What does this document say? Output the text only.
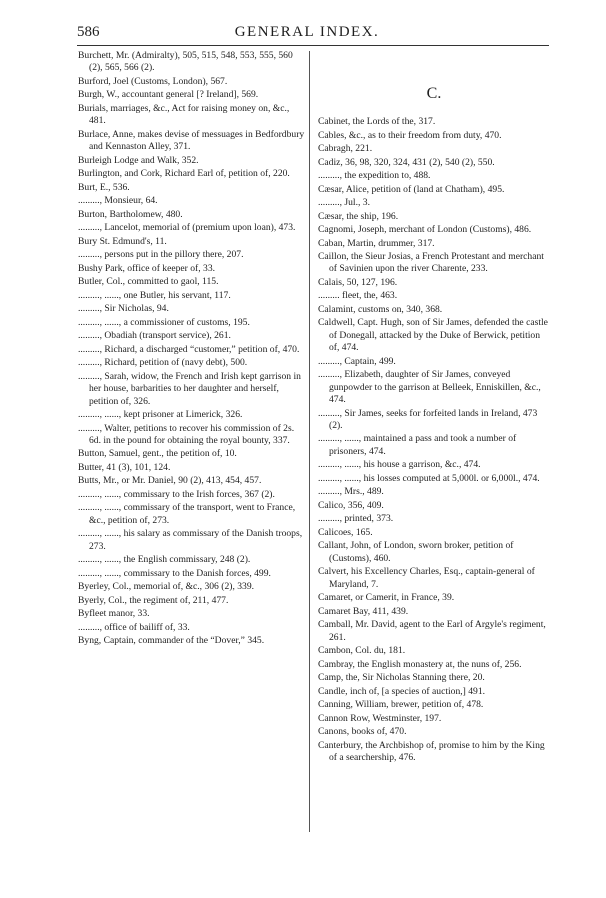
586	GENERAL INDEX.

Burchett, Mr. (Admiralty), 505, 515, 548, 553, 555, 560 (2), 565, 566 (2).

Burford, Joel (Customs, London), 567.

Burgh, W., accountant general [? Ireland], 569.

Burials, marriages, &c., Act for raising money on, &c., 481.

Burlace, Anne, makes devise of messuages in Bedfordbury and Kennaston Alley, 371.

Burleigh Lodge and Walk, 352.

Burlington, and Cork, Richard Earl of, petition of, 220.

Burt, E., 536.

........., Monsieur, 64.

Burton, Bartholomew, 480.

........., Lancelot, memorial of (premium upon loan), 473.

Bury St. Edmund's, 11.

........., persons put in the pillory there, 207.

Bushy Park, office of keeper of, 33.

Butler, Col., committed to gaol, 115.

........., ......, one Butler, his servant, 117.

........., Sir Nicholas, 94.

........., ......, a commissioner of customs, 195.

........., Obadiah (transport service), 261.

........., Richard, a discharged “customer,” petition of, 470.

........., Richard, petition of (navy debt), 500.

........., Sarah, widow, the French and Irish kept garrison in her house, barbarities to her daughter and herself, petition of, 326.

........., ......, kept prisoner at Limerick, 326.

........., Walter, petitions to recover his commission of 2s. 6d. in the pound for obtaining the royal bounty, 337.

Button, Samuel, gent., the petition of, 10.

Butter, 41 (3), 101, 124.

Butts, Mr., or Mr. Daniel, 90 (2), 413, 454, 457.

........., ......, commissary to the Irish forces, 367 (2).

........., ......, commissary of the transport, went to France, &c., petition of, 273.

........., ......, his salary as commissary of the Danish troops, 273.

........., ......, the English commissary, 248 (2).

........., ......, commissary to the Danish forces, 499.

Byerley, Col., memorial of, &c., 306 (2), 339.

Byerly, Col., the regiment of, 211, 477.

Byfleet manor, 33.

........., office of bailiff of, 33.

Byng, Captain, commander of the “Dover,” 345.

C.

Cabinet, the Lords of the, 317.

Cables, &c., as to their freedom from duty, 470.

Cabragh, 221.

Cadiz, 36, 98, 320, 324, 431 (2), 540 (2), 550.

........., the expedition to, 488.

Cæsar, Alice, petition of (land at Chatham), 495.

........., Jul., 3.

Cæsar, the ship, 196.

Cagnomi, Joseph, merchant of London (Customs), 486.

Caban, Martin, drummer, 317.

Caillon, the Sieur Josias, a French Protestant and merchant of Savinien upon the river Charente, 233.

Calais, 50, 127, 196.

......... fleet, the, 463.

Calamint, customs on, 340, 368.

Caldwell, Capt. Hugh, son of Sir James, defended the castle of Donegall, attacked by the Duke of Berwick, petition of, 474.

........., Captain, 499.

........., Elizabeth, daughter of Sir James, conveyed gunpowder to the garrison at Belleek, Enniskillen, &c., 474.

........., Sir James, seeks for forfeited lands in Ireland, 473 (2).

........., ......, maintained a pass and took a number of prisoners, 474.

........., ......, his house a garrison, &c., 474.

........., ......, his losses computed at 5,000l. or 6,000l., 474.

........., Mrs., 489.

Calico, 356, 409.

........., printed, 373.

Calicoes, 165.

Callant, John, of London, sworn broker, petition of (Customs), 460.

Calvert, his Excellency Charles, Esq., captain-general of Maryland, 7.

Camaret, or Camerit, in France, 39.

Camaret Bay, 411, 439.

Camball, Mr. David, agent to the Earl of Argyle's regiment, 261.

Cambon, Col. du, 181.

Cambray, the English monastery at, the nuns of, 256.

Camp, the, Sir Nicholas Stanning there, 20.

Candle, inch of, [a species of auction,] 491.

Canning, William, brewer, petition of, 478.

Cannon Row, Westminster, 197.

Canons, books of, 470.

Canterbury, the Archbishop of, promise to him by the King of a searchership, 476.
